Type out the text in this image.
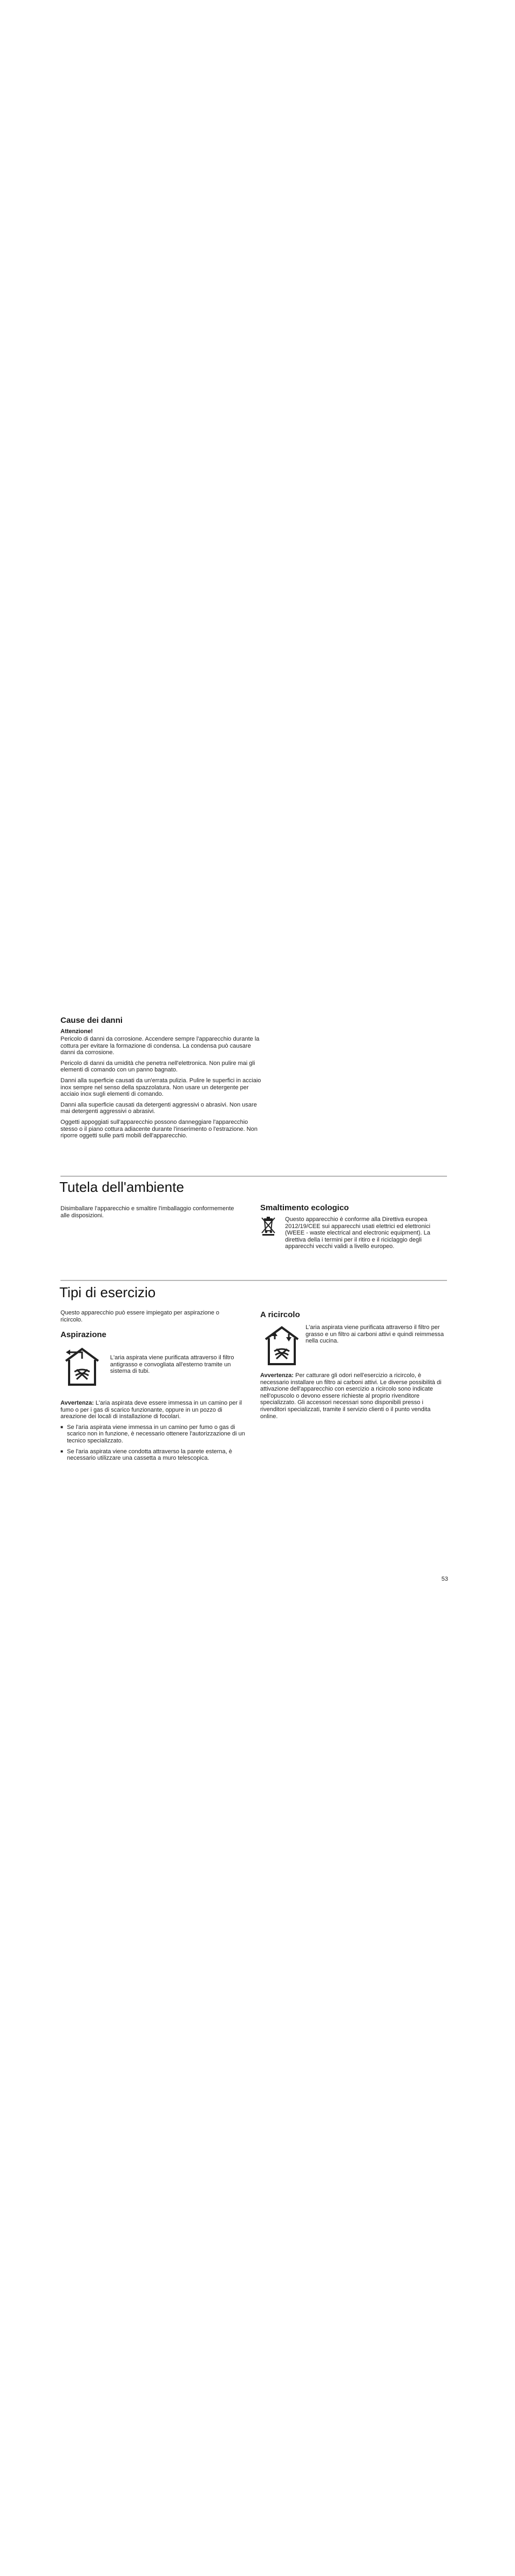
Cause dei danni

Attenzione!

Pericolo di danni da corrosione. Accendere sempre l'apparecchio durante la cottura per evitare la formazione di condensa. La condensa può causare danni da corrosione.

Pericolo di danni da umidità che penetra nell'elettronica. Non pulire mai gli elementi di comando con un panno bagnato.

Danni alla superficie causati da un'errata pulizia. Pulire le superfici in acciaio inox sempre nel senso della spazzolatura. Non usare un detergente per acciaio inox sugli elementi di comando.

Danni alla superficie causati da detergenti aggressivi o abrasivi. Non usare mai detergenti aggressivi o abrasivi.

Oggetti appoggiati sull'apparecchio possono danneggiare l'apparecchio stesso o il piano cottura adiacente durante l'inserimento o l'estrazione. Non riporre oggetti sulle parti mobili dell'apparecchio.

Tutela dell'ambiente

Disimballare l'apparecchio e smaltire l'imballaggio conformemente alle disposizioni.

Smaltimento ecologico

Questo apparecchio è conforme alla Direttiva europea 2012/19/CEE sui apparecchi usati elettrici ed elettronici (WEEE - waste electrical and electronic equipment). La direttiva della i termini per il ritiro e il riciclaggio degli apparecchi vecchi validi a livello europeo.

Tipi di esercizio

Questo apparecchio può essere impiegato per aspirazione o ricircolo.

Aspirazione

L'aria aspirata viene purificata attraverso il filtro antigrasso e convogliata all'esterno tramite un sistema di tubi.

Avvertenza: L'aria aspirata deve essere immessa in un camino per il fumo o per i gas di scarico funzionante, oppure in un pozzo di areazione dei locali di installazione di focolari.

■ Se l'aria aspirata viene immessa in un camino per fumo o gas di scarico non in funzione, è necessario ottenere l'autorizzazione di un tecnico specializzato.

■ Se l'aria aspirata viene condotta attraverso la parete esterna, è necessario utilizzare una cassetta a muro telescopica.

A ricircolo

L'aria aspirata viene purificata attraverso il filtro per grasso e un filtro ai carboni attivi e quindi reimmessa nella cucina.

Avvertenza: Per catturare gli odori nell'esercizio a ricircolo, è necessario installare un filtro ai carboni attivi. Le diverse possibilità di attivazione dell'apparecchio con esercizio a ricircolo sono indicate nell'opuscolo o devono essere richieste al proprio rivenditore specializzato. Gli accessori necessari sono disponibili presso i rivenditori specializzati, tramite il servizio clienti o il punto vendita online.

53
